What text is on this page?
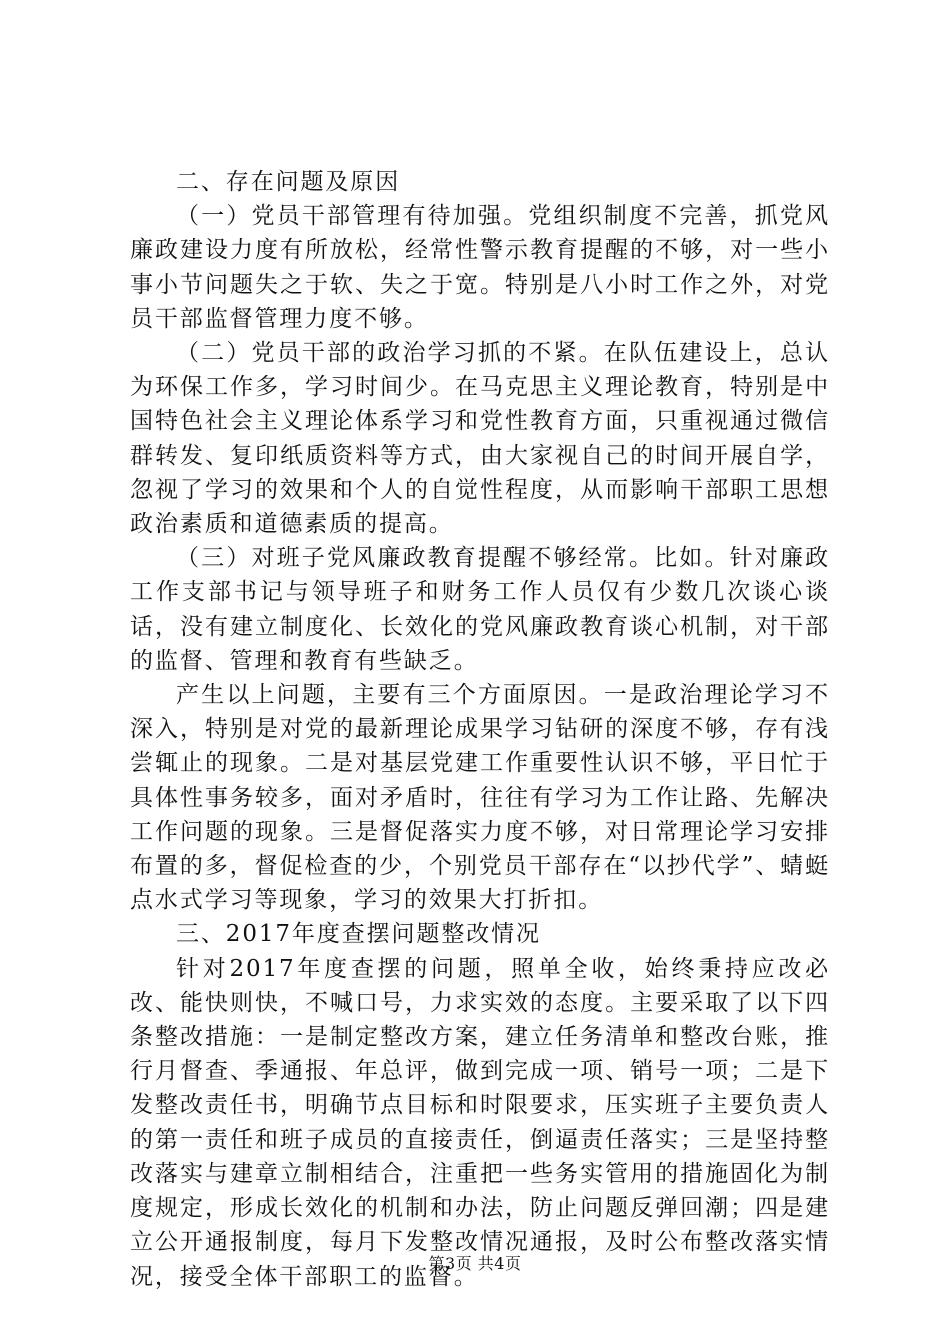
二、存在问题及原因

（一）党员干部管理有待加强。党组织制度不完善，抓党风廉政建设力度有所放松，经常性警示教育提醒的不够，对一些小事小节问题失之于软、失之于宽。特别是八小时工作之外，对党员干部监督管理力度不够。

（二）党员干部的政治学习抓的不紧。在队伍建设上，总认为环保工作多，学习时间少。在马克思主义理论教育，特别是中国特色社会主义理论体系学习和党性教育方面，只重视通过微信群转发、复印纸质资料等方式，由大家视自己的时间开展自学，忽视了学习的效果和个人的自觉性程度，从而影响干部职工思想政治素质和道德素质的提高。

（三）对班子党风廉政教育提醒不够经常。比如。针对廉政工作支部书记与领导班子和财务工作人员仅有少数几次谈心谈话，没有建立制度化、长效化的党风廉政教育谈心机制，对干部的监督、管理和教育有些缺乏。

产生以上问题，主要有三个方面原因。一是政治理论学习不深入，特别是对党的最新理论成果学习钻研的深度不够，存有浅尝辄止的现象。二是对基层党建工作重要性认识不够，平日忙于具体性事务较多，面对矛盾时，往往有学习为工作让路、先解决工作问题的现象。三是督促落实力度不够，对日常理论学习安排布置的多，督促检查的少，个别党员干部存在“以抄代学”、蜻蜓点水式学习等现象，学习的效果大打折扣。

三、2017年度查摆问题整改情况

针对2017年度查摆的问题，照单全收，始终秉持应改必改、能快则快，不喊口号，力求实效的态度。主要采取了以下四条整改措施：一是制定整改方案，建立任务清单和整改台账，推行月督查、季通报、年总评，做到完成一项、销号一项；二是下发整改责任书，明确节点目标和时限要求，压实班子主要负责人的第一责任和班子成员的直接责任，倒逼责任落实；三是坚持整改落实与建章立制相结合，注重把一些务实管用的措施固化为制度规定，形成长效化的机制和办法，防止问题反弹回潮；四是建立公开通报制度，每月下发整改情况通报，及时公布整改落实情况，接受全体干部职工的监督。

第3页 共4页
